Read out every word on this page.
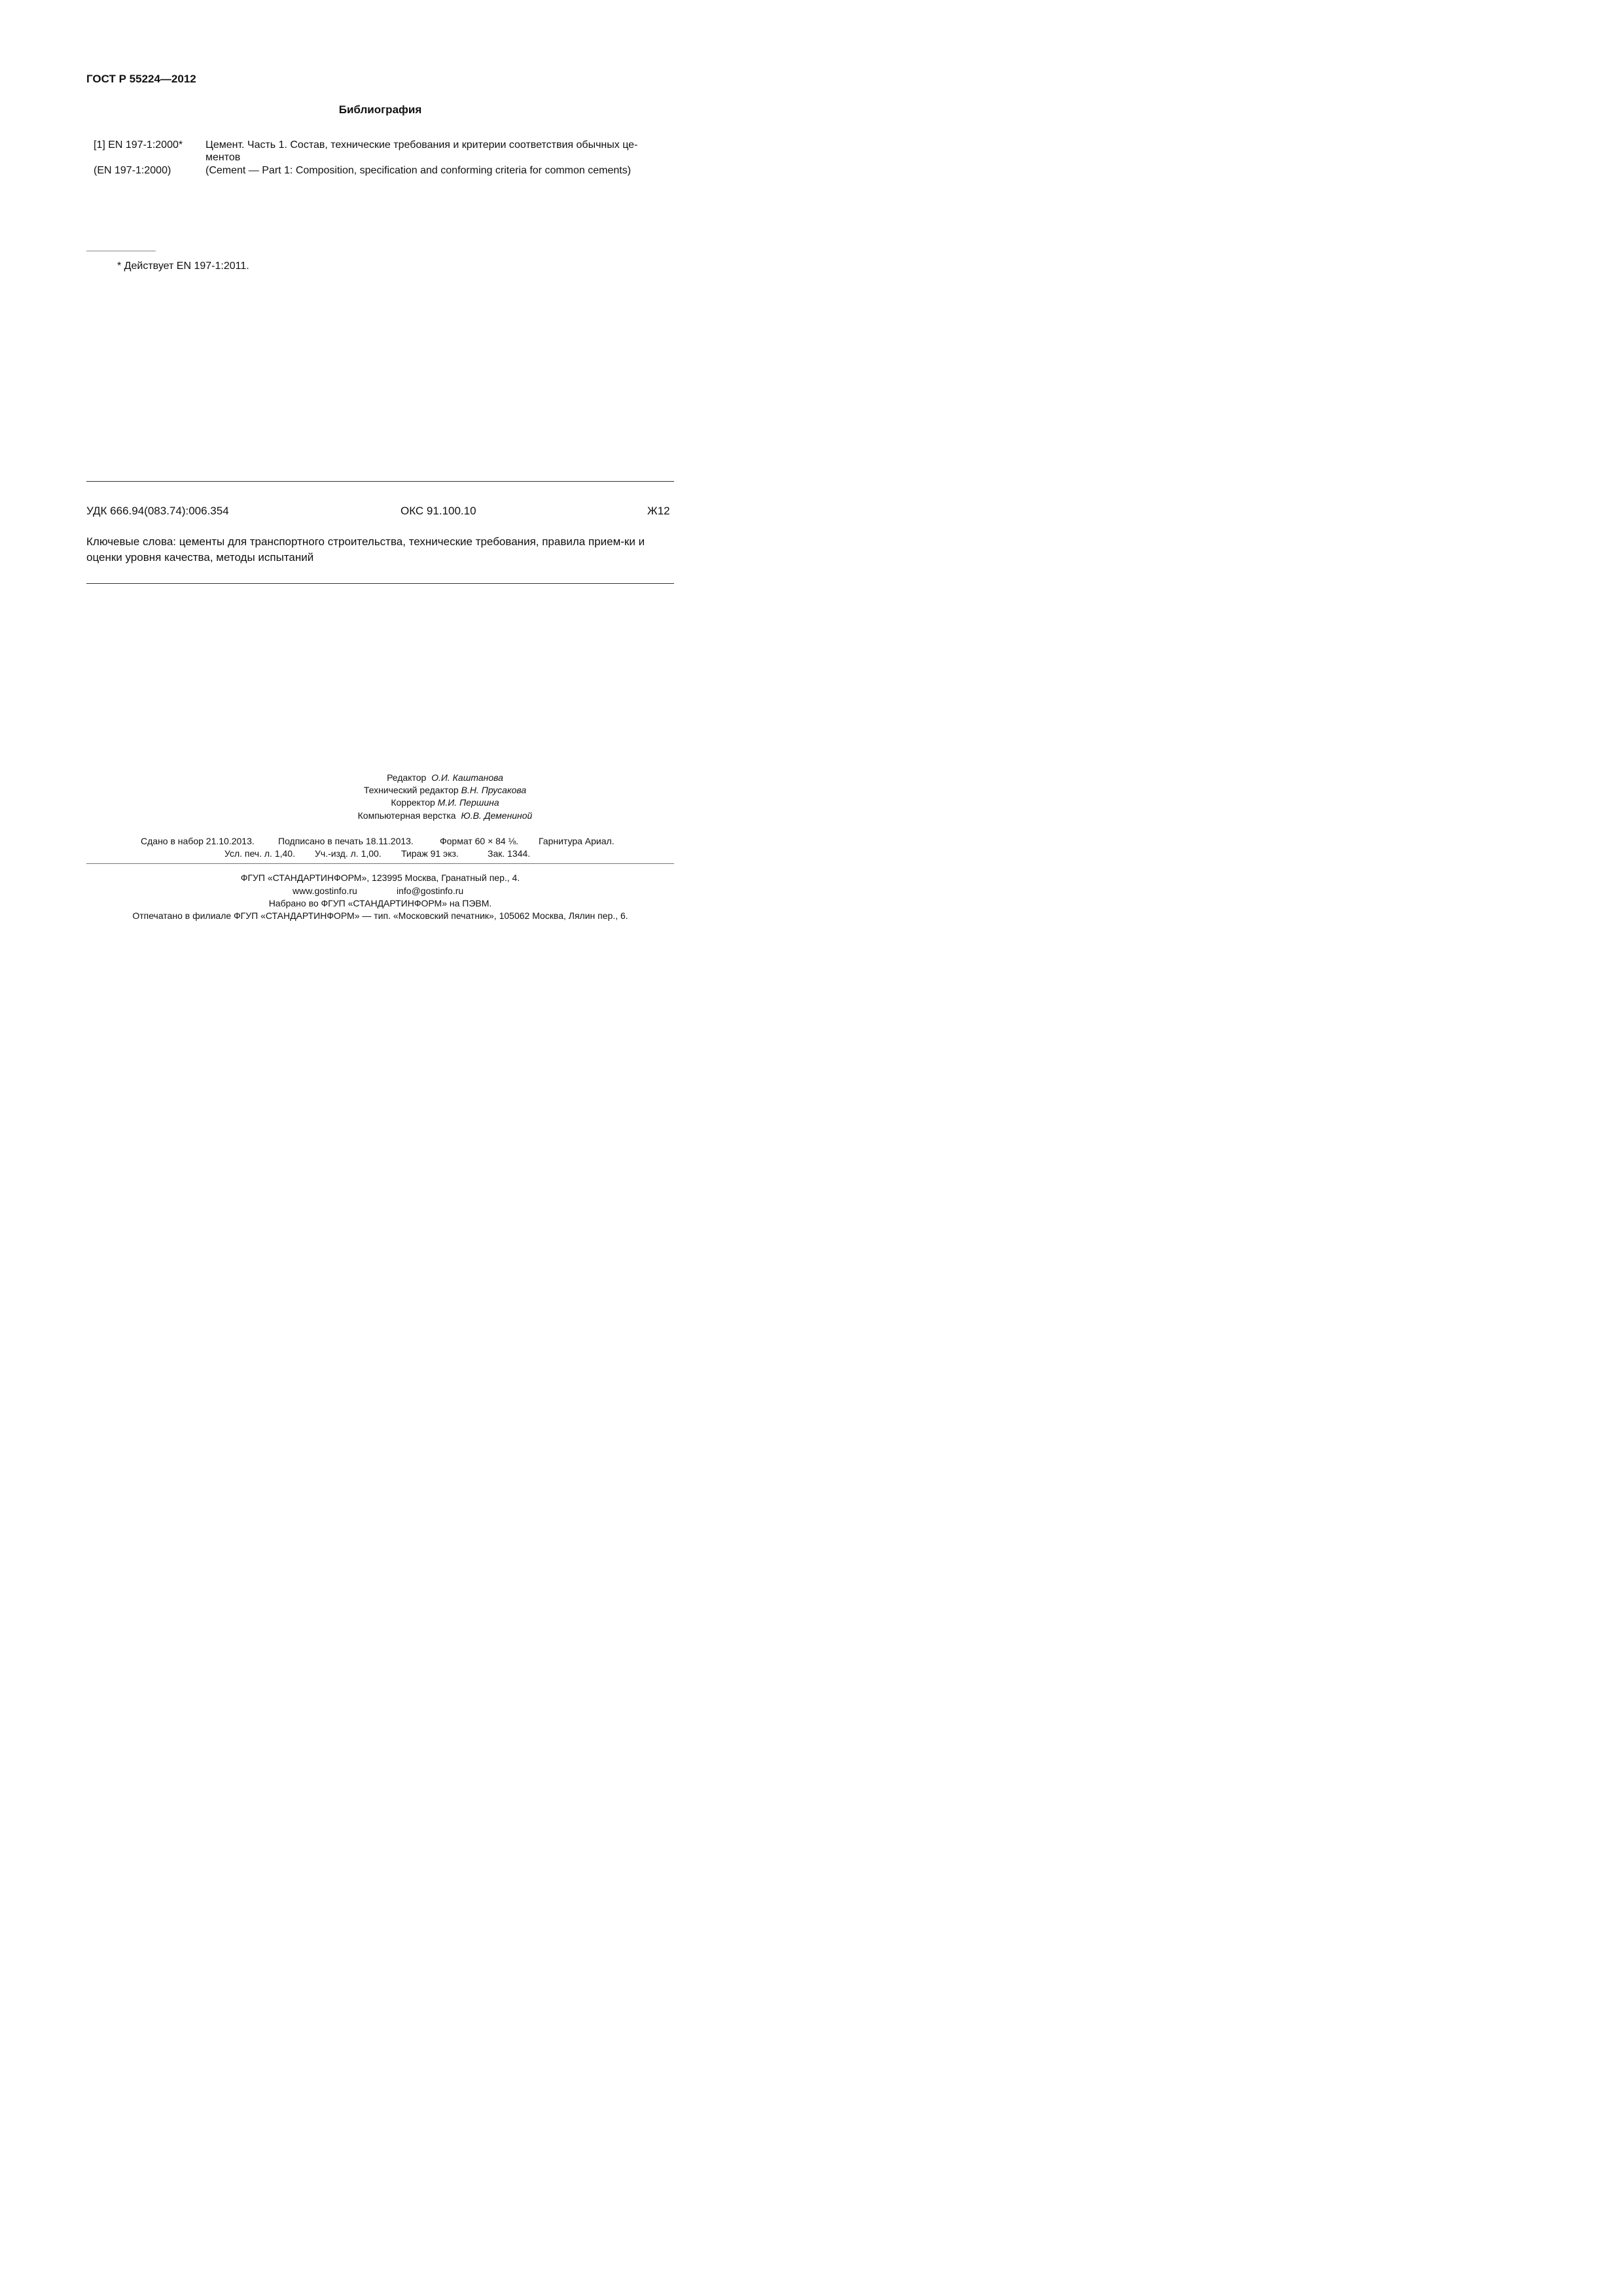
ГОСТ Р 55224—2012
Библиография
[1] EN 197-1:2000* Цемент. Часть 1. Состав, технические требования и критерии соответствия обычных це-
ментов
(EN 197-1:2000)	(Cement — Part 1: Composition, specification and conforming criteria for common cements)
* Действует EN 197-1:2011.
УДК 666.94(083.74):006.354	ОКС 91.100.10	Ж12
Ключевые слова: цементы для транспортного строительства, технические требования, правила прием-ки и оценки уровня качества, методы испытаний
Редактор О.И. Каштанова
Технический редактор В.Н. Прусакова
Корректор М.И. Першина
Компьютерная верстка Ю.В. Демениной
Сдано в набор 21.10.2013.	Подписано в печать 18.11.2013.	Формат 60 × 84 ⅛. Гарнитура Ариал.
Усл. печ. л. 1,40. Уч.-изд. л. 1,00. Тираж 91 экз.	Зак. 1344.
ФГУП «СТАНДАРТИНФОРМ», 123995 Москва, Гранатный пер., 4.
www.gostinfo.ru	info@gostinfo.ru
Набрано во ФГУП «СТАНДАРТИНФОРМ» на ПЭВМ.
Отпечатано в филиале ФГУП «СТАНДАРТИНФОРМ» — тип. «Московский печатник», 105062 Москва, Лялин пер., 6.
